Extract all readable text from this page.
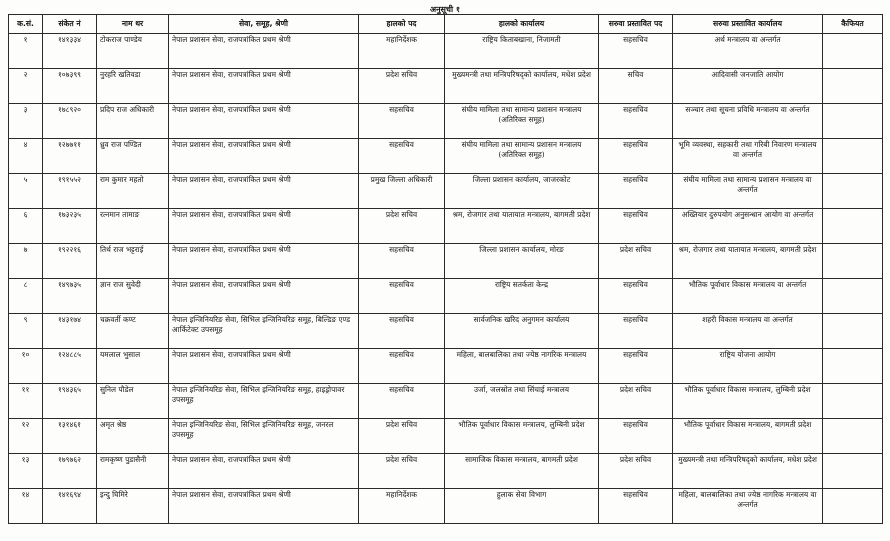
अनुसूची १
क.सं.	संकेत नं	नाम थर	सेवा, समूह, श्रेणी	हालको पद	हालको कार्यालय	सरुवा प्रस्तावित पद	सरुवा प्रस्तावित कार्यालय	कैफियत
१	१४१३३४	टोकराज पाण्डेय	नेपाल प्रशासन सेवा, राजपत्रांकित प्रथम श्रेणी	महानिर्देशक	राष्ट्रिय किताबखाना, निजामती	सहसचिव	अर्थ मन्त्रालय वा अन्तर्गत	
२	१०७३९९	नुरहरि खतिवडा	नेपाल प्रशासन सेवा, राजपत्रांकित प्रथम श्रेणी	प्रदेश सचिव	मुख्यमन्त्री तथा मन्त्रिपरिषद्को कार्यालय, मधेश प्रदेश	सचिव	आदिवासी जनजाति आयोग	
३	१७८९२०	प्रदिप राज अधिकारी	नेपाल प्रशासन सेवा, राजपत्रांकित प्रथम श्रेणी	सहसचिव	संघीय मामिला तथा सामान्य प्रशासन मन्त्रालय (अतिरिक्त समूह)	सहसचिव	सञ्चार तथा सूचना प्रविधि मन्त्रालय वा अन्तर्गत	
४	१२७७११	ध्रुव राज पण्डित	नेपाल प्रशासन सेवा, राजपत्रांकित प्रथम श्रेणी	सहसचिव	संघीय मामिला तथा सामान्य प्रशासन मन्त्रालय (अतिरिक्त समूह)	सहसचिव	भूमि व्यवस्था, सहकारी तथा गरिबी निवारण मन्त्रालय वा अन्तर्गत	
५	१९१५५२	राम कुमार महतो	नेपाल प्रशासन सेवा, राजपत्रांकित प्रथम श्रेणी	प्रमुख जिल्ला अधिकारी	जिल्ला प्रशासन कार्यालय, जाजरकोट	सहसचिव	संघीय मामिला तथा सामान्य प्रशासन मन्त्रालय वा अन्तर्गत	
६	१७३२३५	रत्नमान तामाङ	नेपाल प्रशासन सेवा, राजपत्रांकित प्रथम श्रेणी	प्रदेश सचिव	श्रम, रोजगार तथा यातायात मन्त्रालय, बागमती प्रदेश	सहसचिव	अख्तियार दुरुपयोग अनुसन्धान आयोग वा अन्तर्गत	
७	१९२२१६	तिर्थ राज भट्टराई	नेपाल प्रशासन सेवा, राजपत्रांकित प्रथम श्रेणी	सहसचिव	जिल्ला प्रशासन कार्यालय, मोरङ	प्रदेश सचिव	श्रम, रोजगार तथा यातायात मन्त्रालय, बागमती प्रदेश	
८	१४९७३५	ज्ञान राज सुवेदी	नेपाल प्रशासन सेवा, राजपत्रांकित प्रथम श्रेणी	सहसचिव	राष्ट्रिय सतर्कता केन्द्र	सहसचिव	भौतिक पूर्वाधार विकास मन्त्रालय वा अन्तर्गत	
९	१४३१७४	चक्रवर्ती कण्ट	नेपाल इन्जिनियरिङ सेवा, सिभिल इन्जिनियरिङ समूह, बिल्डिङ एण्ड आर्किटेक्ट उपसमूह	सहसचिव	सार्वजनिक खरिद अनुगमन कार्यालय	सहसचिव	शहरी विकास मन्त्रालय वा अन्तर्गत	
१०	१२४८८५	यमलाल भुसाल	नेपाल प्रशासन सेवा, राजपत्रांकित प्रथम श्रेणी	सहसचिव	महिला, बालबालिका तथा ज्येष्ठ नागरिक मन्त्रालय	सहसचिव	राष्ट्रिय योजना आयोग	
११	१९४३६५	सुनिल पौडेल	नेपाल इन्जिनियरिङ सेवा, सिभिल इन्जिनियरिङ समूह, हाइड्रोपावर उपसमूह	सहसचिव	उर्जा, जलस्रोत तथा सिंचाई मन्त्रालय	प्रदेश सचिव	भौतिक पूर्वाधार विकास मन्त्रालय, लुम्बिनी प्रदेश	
१२	१३१४६१	अमृत श्रेष्ठ	नेपाल इन्जिनियरिङ सेवा, सिभिल इन्जिनियरिङ समूह, जनरल उपसमूह	प्रदेश सचिव	भौतिक पूर्वाधार विकास मन्त्रालय, लुम्बिनी प्रदेश	सहसचिव	भौतिक पूर्वाधार विकास मन्त्रालय, बागमती प्रदेश	
१३	१७९७६२	रामकृष्ण पुडासैनी	नेपाल प्रशासन सेवा, राजपत्रांकित प्रथम श्रेणी	प्रदेश सचिव	सामाजिक विकास मन्त्रालय, बागमती प्रदेश	प्रदेश सचिव	मुख्यमन्त्री तथा मन्त्रिपरिषद्को कार्यालय, मधेश प्रदेश	
१४	१४१६९४	इन्दु घिमिरे	नेपाल प्रशासन सेवा, राजपत्रांकित प्रथम श्रेणी	महानिर्देशक	हुलाक सेवा विभाग	सहसचिव	महिला, बालबालिका तथा ज्येष्ठ नागरिक मन्त्रालय वा अन्तर्गत	
